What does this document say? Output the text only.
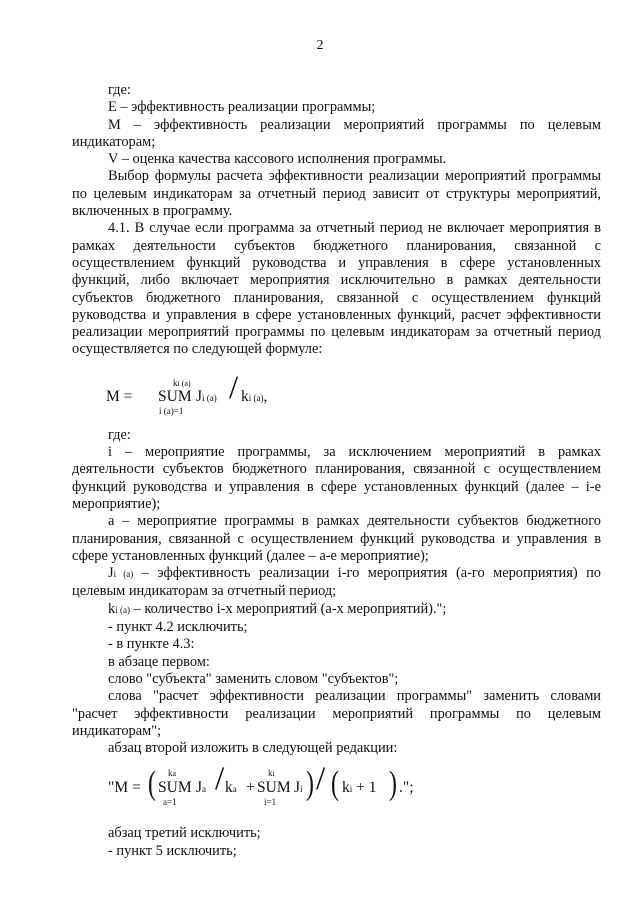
2

где:

Е – эффективность реализации программы;

М – эффективность реализации мероприятий программы по целевым индикаторам;

V – оценка качества кассового исполнения программы.

Выбор формулы расчета эффективности реализации мероприятий программы по целевым индикаторам за отчетный период зависит от структуры мероприятий, включенных в программу.

4.1. В случае если программа за отчетный период не включает мероприятия в рамках деятельности субъектов бюджетного планирования, связанной с осуществлением функций руководства и управления в сфере установленных функций, либо включает мероприятия исключительно в рамках деятельности субъектов бюджетного планирования, связанной с осуществлением функций руководства и управления в сфере установленных функций, расчет эффективности реализации мероприятий программы по целевым индикаторам за отчетный период осуществляется по следующей формуле:

М =
ki (a)
SUM
i (a)=1
Ji (a) / ki (a),

где:

i – мероприятие программы, за исключением мероприятий в рамках деятельности субъектов бюджетного планирования, связанной с осуществлением функций руководства и управления в сфере установленных функций (далее – i-е мероприятие);

а – мероприятие программы в рамках деятельности субъектов бюджетного планирования, связанной с осуществлением функций руководства и управления в сфере установленных функций (далее – а-е мероприятие);

Ji (a) – эффективность реализации i-го мероприятия (а-го мероприятия) по целевым индикаторам за отчетный период;

ki (a) – количество i-х мероприятий (а-х мероприятий).";

- пункт 4.2 исключить;

- в пункте 4.3:

в абзаце первом:

слово "субъекта" заменить словом "субъектов";

слова "расчет эффективности реализации программы" заменить словами "расчет эффективности реализации мероприятий программы по целевым индикаторам";

абзац второй изложить в следующей редакции:

"М = ( ka
SUM
a=1
Ja / ka +
ki
SUM
i=1
Ji ) / ( ki + 1 ) .";

абзац третий исключить;

- пункт 5 исключить;
